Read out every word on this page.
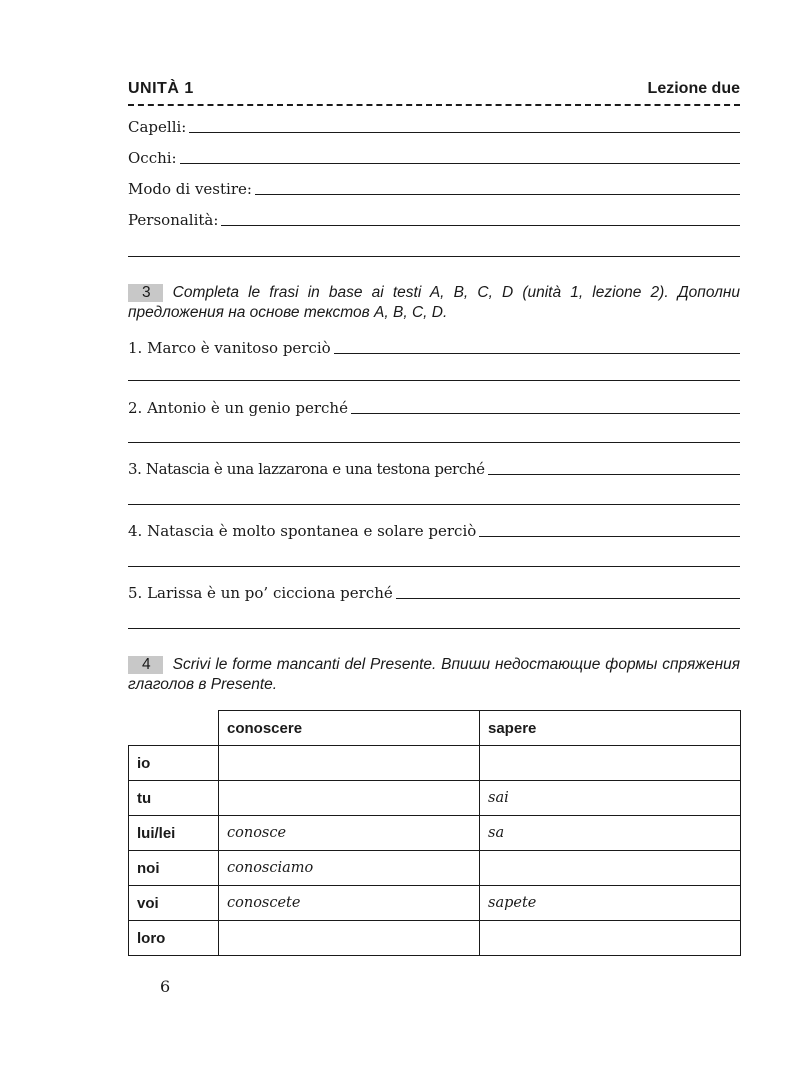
UNITÀ 1	Lezione due
Capelli:
Occhi:
Modo di vestire:
Personalità:
3 Completa le frasi in base ai testi A, B, C, D (unità 1, lezione 2). Дополни предложения на основе текстов A, B, C, D.
1. Marco è vanitoso perciò
2. Antonio è un genio perché
3. Natascia è una lazzarona e una testona perché
4. Natascia è molto spontanea e solare perciò
5. Larissa è un po’ cicciona perché
4 Scrivi le forme mancanti del Presente. Впиши недостающие формы спряжения глаголов в Presente.
	conoscere	sapere
io		
tu		sai
lui/lei	conosce	sa
noi	conosciamo	
voi	conoscete	sapete
loro		
6
